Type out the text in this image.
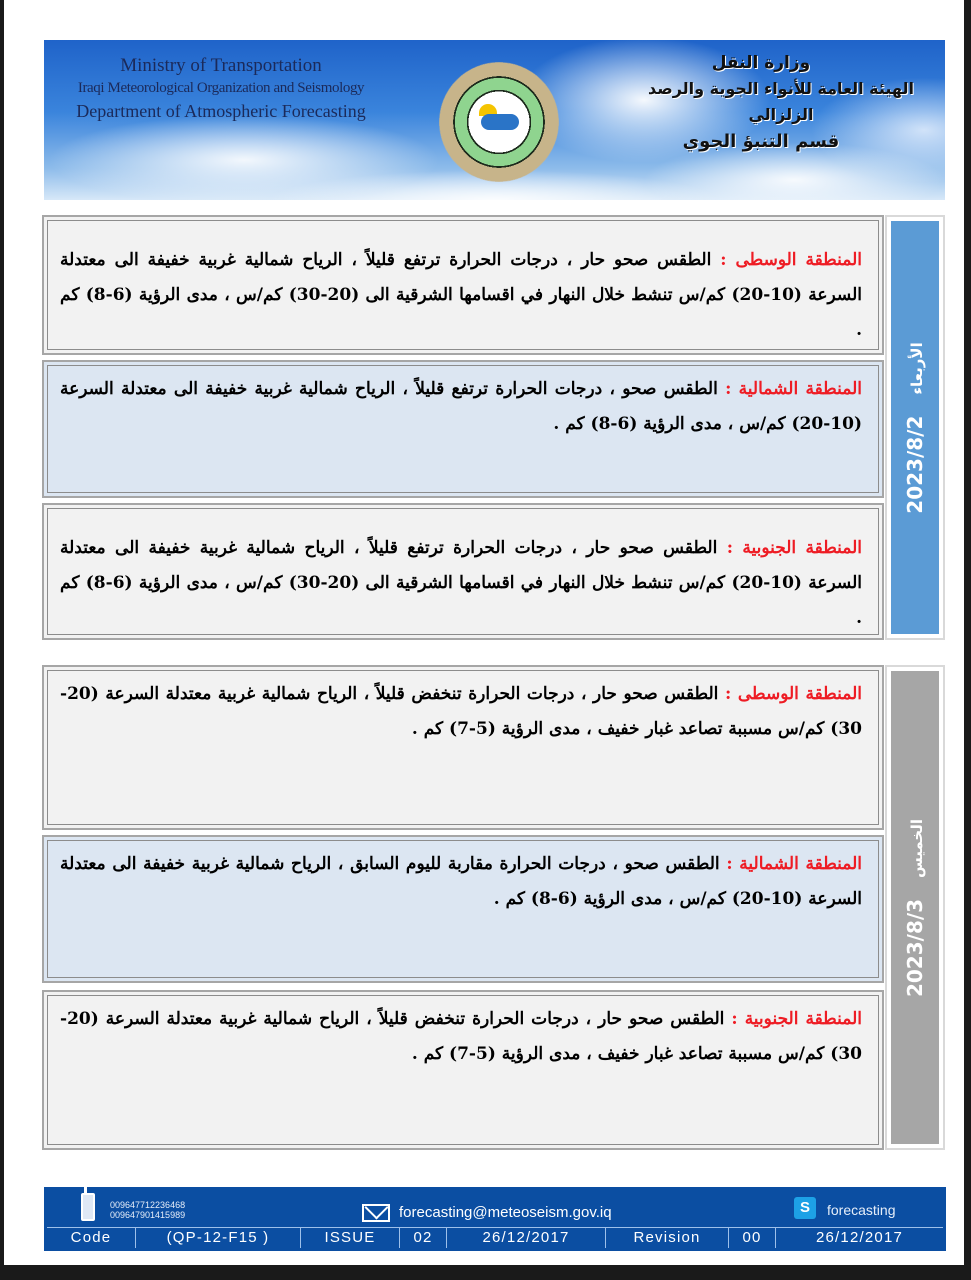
Ministry of Transportation
Iraqi Meteorological Organization and Seismology
Department of Atmospheric Forecasting
وزارة النقل
الهيئة العامة للأنواء الجوية والرصد الزلزالي
قسم التنبؤ الجوي
المنطقة الوسطى : الطقس صحو حار ، درجات الحرارة ترتفع قليلاً ، الرياح شمالية غربية خفيفة الى معتدلة السرعة (10-20) كم/س تنشط خلال النهار في اقسامها الشرقية الى (20-30) كم/س ، مدى الرؤية (6-8) كم .
المنطقة الشمالية : الطقس صحو ، درجات الحرارة ترتفع قليلاً ، الرياح شمالية غربية خفيفة الى معتدلة السرعة (10-20) كم/س ، مدى الرؤية (6-8) كم .
المنطقة الجنوبية : الطقس صحو حار ، درجات الحرارة ترتفع قليلاً ، الرياح شمالية غربية خفيفة الى معتدلة السرعة (10-20) كم/س تنشط خلال النهار في اقسامها الشرقية الى (20-30) كم/س ، مدى الرؤية (6-8) كم .
2023/8/2 الأربعاء
المنطقة الوسطى : الطقس صحو حار ، درجات الحرارة تنخفض قليلاً ، الرياح شمالية غربية معتدلة السرعة (20-30) كم/س مسببة تصاعد غبار خفيف ، مدى الرؤية (5-7) كم .
المنطقة الشمالية : الطقس صحو ، درجات الحرارة مقاربة لليوم السابق ، الرياح شمالية غربية خفيفة الى معتدلة السرعة (10-20) كم/س ، مدى الرؤية (6-8) كم .
المنطقة الجنوبية : الطقس صحو حار ، درجات الحرارة تنخفض قليلاً ، الرياح شمالية غربية معتدلة السرعة (20-30) كم/س مسببة تصاعد غبار خفيف ، مدى الرؤية (5-7) كم .
2023/8/3 الخميس
009647712236468
009647901415989	forecasting@meteoseism.gov.iq	S	forecasting
Code	(QP-12-F15 )	ISSUE	02	26/12/2017	Revision	00	26/12/2017
